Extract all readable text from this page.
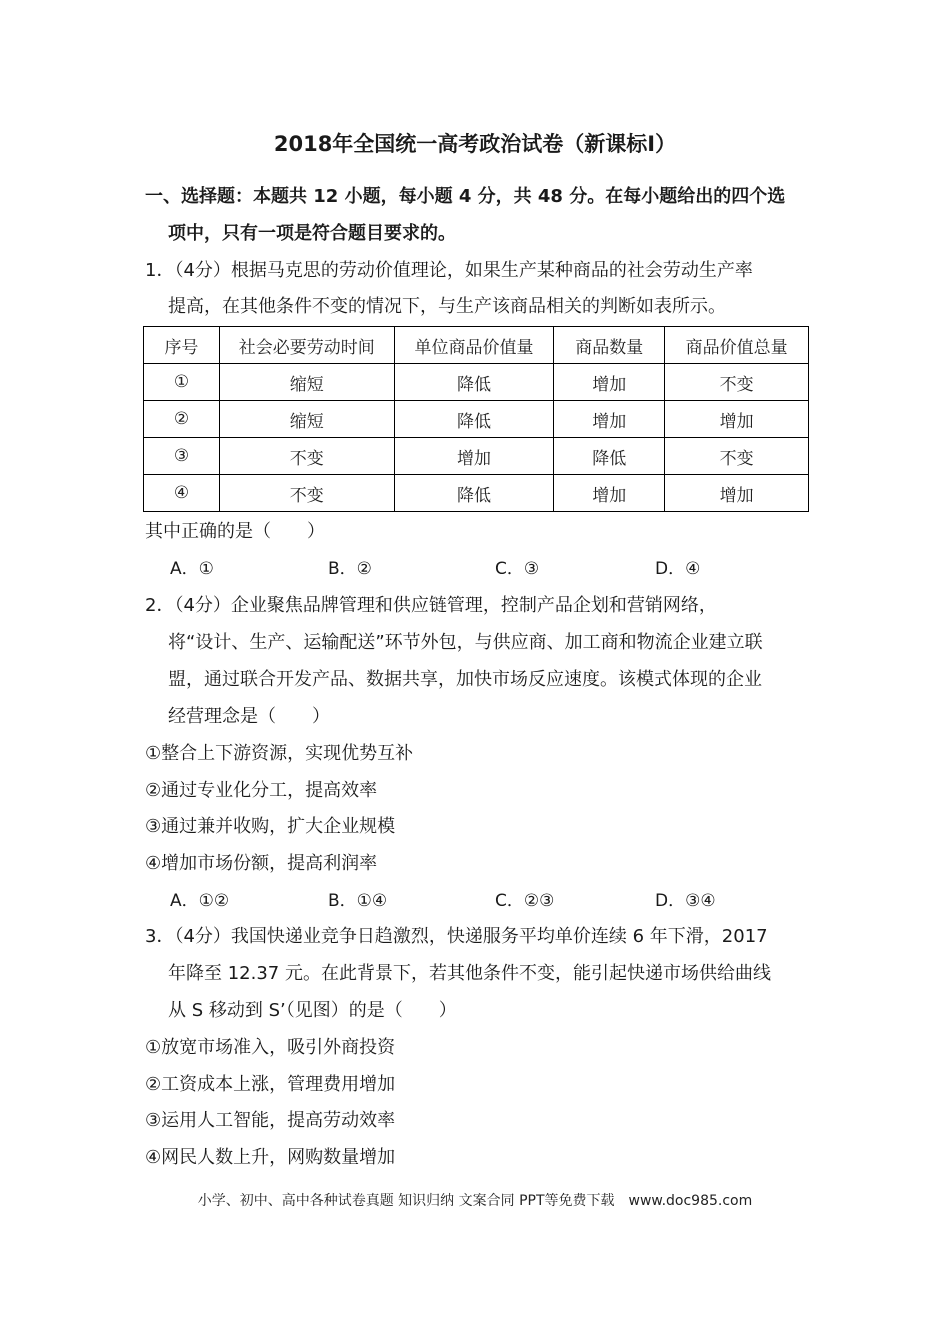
2018年全国统一高考政治试卷（新课标I）
一、选择题：本题共 12 小题，每小题 4 分，共 48 分。在每小题给出的四个选
项中，只有一项是符合题目要求的。
1．（4分）根据马克思的劳动价值理论，如果生产某种商品的社会劳动生产率
提高，在其他条件不变的情况下，与生产该商品相关的判断如表所示。
序号	社会必要劳动时间	单位商品价值量	商品数量	商品价值总量
①	缩短	降低	增加	不变
②	缩短	降低	增加	增加
③	不变	增加	降低	不变
④	不变	降低	增加	增加
其中正确的是（　　）
A．①	B．②	C．③	D．④
2．（4分）企业聚焦品牌管理和供应链管理，控制产品企划和营销网络，
将“设计、生产、运输配送”环节外包，与供应商、加工商和物流企业建立联
盟，通过联合开发产品、数据共享，加快市场反应速度。该模式体现的企业
经营理念是（　　）
①整合上下游资源，实现优势互补
②通过专业化分工，提高效率
③通过兼并收购，扩大企业规模
④增加市场份额，提高利润率
A．①②	B．①④	C．②③	D．③④
3．（4分）我国快递业竞争日趋激烈，快递服务平均单价连续 6 年下滑，2017
年降至 12.37 元。在此背景下，若其他条件不变，能引起快递市场供给曲线
从 S 移动到 S’（见图）的是（　　）
①放宽市场准入，吸引外商投资
②工资成本上涨，管理费用增加
③运用人工智能，提高劳动效率
④网民人数上升，网购数量增加
小学、初中、高中各种试卷真题 知识归纳 文案合同 PPT等免费下载　www.doc985.com
